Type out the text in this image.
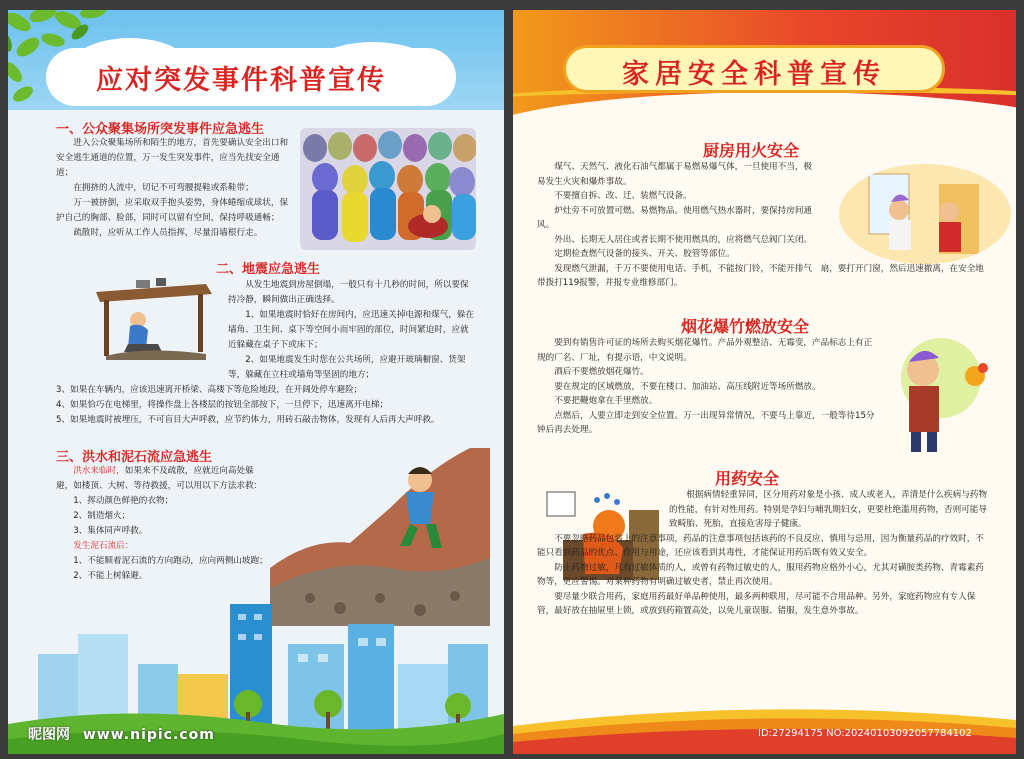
应对突发事件科普宣传
一、公众聚集场所突发事件应急逃生

进入公众聚集场所和陌生的地方，首先要确认安全出口和安全逃生通道的位置，万一发生突发事件，应当先找安全通道；

在拥挤的人流中，切记不可弯腰提鞋或系鞋带；

万一被挤倒，应采取双手抱头姿势，身体蜷缩成球状，保护自己的胸部、脸部，同时可以留有空间，保持呼吸通畅；

疏散时，应听从工作人员指挥，尽量沿墙根行走。

二、地震应急逃生

从发生地震到房屋倒塌，一般只有十几秒的时间，所以要保持冷静，瞬间做出正确选择。

1、如果地震时恰好在房间内，应迅速关掉电源和煤气，躲在墙角、卫生间、桌下等空间小而牢固的部位，时间紧迫时，应就近躲藏在桌子下或床下；

2、如果地震发生时您在公共场所，应避开玻璃橱窗、货架等，躲藏在立柱或墙角等坚固的地方；

3、如果在车辆内，应该迅速离开桥梁、高楼下等危险地段，在开阔处停车避险；

4、如果恰巧在电梯里，将操作盘上各楼层的按钮全部按下，一旦停下，迅速离开电梯；

5、如果地震时被埋压，不可盲目大声呼救，应节约体力，用砖石敲击物体，发现有人后再大声呼救。

三、洪水和泥石流应急逃生

洪水来临时，如果来不及疏散，应就近向高处躲避，如楼顶、大树、等待救援，可以用以下方法求救：

1、挥动颜色鲜艳的衣物；

2、制造烟火；

3、集体同声呼救。

发生泥石流后：

1、不能顺着泥石流的方向跑动，应向两侧山坡跑；

2、不能上树躲避。

昵图网 www.nipic.com
家居安全科普宣传
厨房用火安全

煤气、天然气、液化石油气都属于易燃易爆气体，一旦使用不当，极易发生火灾和爆炸事故。

不要擅自拆、改、迁、装燃气设备。

炉灶旁不可放置可燃、易燃物品。使用燃气热水器时，要保持房间通风。

外出、长期无人居住或者长期不使用燃具的，应将燃气总阀门关闭。

定期检查燃气设备的接头、开关、胶管等部位。

发现燃气泄漏，千万不要使用电话、手机，不能按门铃，不能开排气　扇，要打开门窗，然后迅速撤离，在安全地带拨打119报警，并报专业维修部门。

烟花爆竹燃放安全

要到有销售许可证的场所去购买烟花爆竹。产品外观整洁、无霉变，产品标志上有正规的厂名、厂址，有提示语，中文说明。

酒后不要燃放烟花爆竹。

要在规定的区域燃放，不要在楼口、加油站、高压线附近等场所燃放。

不要把鞭炮拿在手里燃放。

点燃后，人要立即走到安全位置。万一出现异常情况，不要马上靠近，一般等待15分钟后再去处理。

用药安全

根据病情轻重异同，区分用药对象是小孩、成人或老人，弄清是什么疾病与药物的性能，有针对性用药。特别是孕妇与哺乳期妇女，更要杜绝滥用药物，否则可能导致畸胎、死胎，直接危害母子健康。

不要忽略药品包装上的注意事项，药品的注意事项包括该药的不良反应、慎用与忌用，因为衡量药品的疗效时，不能只看到药品的优点、作用与用途，还应该看到其毒性，才能保证用药后既有效又安全。

防止药物过敏，凡有过敏体质的人，或曾有药物过敏史的人，服用药物应格外小心，尤其对磺胺类药物、青霉素药物等，更应警惕。对某种药物有明确过敏史者，禁止再次使用。

要尽量少联合用药，家庭用药最好单品种使用，最多两种联用，尽可能不合用品种。另外，家庭药物应有专人保管，最好放在抽屉里上锁，或放到药箱置高处，以免儿童误服、错服，发生意外事故。

ID:27294175 NO:20240103092057784102
